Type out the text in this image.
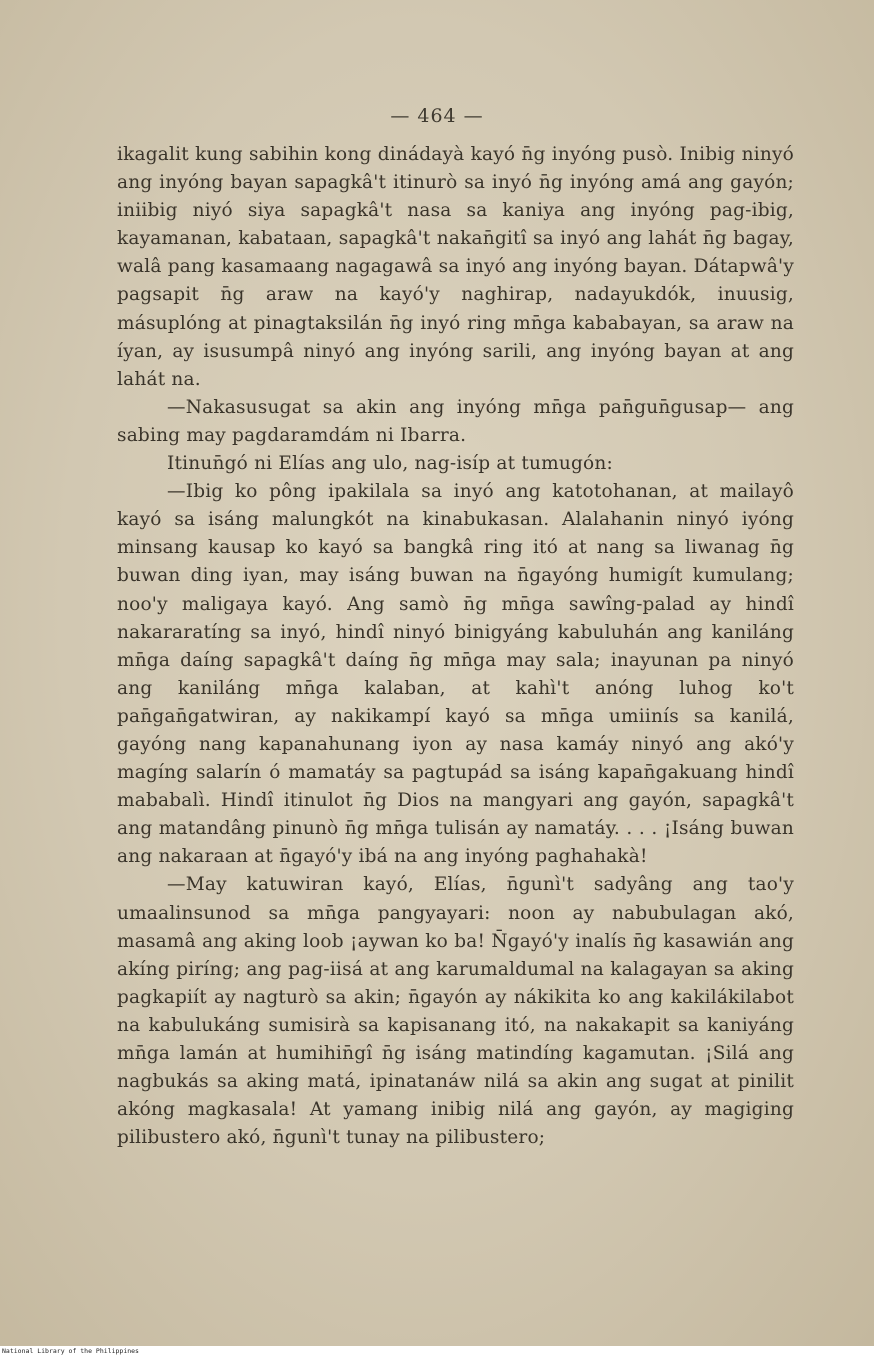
— 464 —

ikagalit kung sabihin kong dinádayà kayó n̄g inyóng pusò. Inibig ninyó ang inyóng bayan sapagkâ't itinurò sa inyó n̄g inyóng amá ang gayón; iniibig niyó siya sapagkâ't nasa sa kaniya ang inyóng pag-ibig, kayamanan, kabataan, sapagkâ't nakan̄gitî sa inyó ang lahát n̄g bagay, walâ pang kasamaang nagagawâ sa inyó ang inyóng bayan. Dátapwâ'y pagsapit n̄g araw na kayó'y naghirap, nadayukdók, inuusig, másuplóng at pinagtaksilán n̄g inyó ring mn̄ga kababayan, sa araw na íyan, ay isusumpâ ninyó ang inyóng sarili, ang inyóng bayan at ang lahát na.

—Nakasusugat sa akin ang inyóng mn̄ga pan̄gun̄gusap— ang sabing may pagdaramdám ni Ibarra.

Itinun̄gó ni Elías ang ulo, nag-isíp at tumugón:

—Ibig ko pông ipakilala sa inyó ang katotohanan, at mailayô kayó sa isáng malungkót na kinabukasan. Alalahanin ninyó iyóng minsang kausap ko kayó sa bangkâ ring itó at nang sa liwanag n̄g buwan ding iyan, may isáng buwan na n̄gayóng humigít kumulang; noo'y maligaya kayó. Ang samò n̄g mn̄ga sawîng-palad ay hindî nakararatíng sa inyó, hindî ninyó binigyáng kabuluhán ang kaniláng mn̄ga daíng sapagkâ't daíng n̄g mn̄ga may sala; inayunan pa ninyó ang kaniláng mn̄ga kalaban, at kahì't anóng luhog ko't pan̄gan̄gatwiran, ay nakikampí kayó sa mn̄ga umiinís sa kanilá, gayóng nang kapanahunang iyon ay nasa kamáy ninyó ang akó'y magíng salarín ó mamatáy sa pagtupád sa isáng kapan̄gakuang hindî mababalì. Hindî itinulot n̄g Dios na mangyari ang gayón, sapagkâ't ang matandâng pinunò n̄g mn̄ga tulisán ay namatáy. . . . ¡Isáng buwan ang nakaraan at n̄gayó'y ibá na ang inyóng paghahakà!

—May katuwiran kayó, Elías, n̄gunì't sadyâng ang tao'y umaalinsunod sa mn̄ga pangyayari: noon ay nabubulagan akó, masamâ ang aking loob ¡aywan ko ba! N̄gayó'y inalís n̄g kasawián ang akíng piríng; ang pag-iisá at ang karumaldumal na kalagayan sa aking pagkapiít ay nagturò sa akin; n̄gayón ay nákikita ko ang kakilákilabot na kabulukáng sumisirà sa kapisanang itó, na nakakapit sa kaniyáng mn̄ga lamán at humihin̄gî n̄g isáng matindíng kagamutan. ¡Silá ang nagbukás sa aking matá, ipinatanáw nilá sa akin ang sugat at pinilit akóng magkasala! At yamang inibig nilá ang gayón, ay magiging pilibustero akó, n̄gunì't tunay na pilibustero;

National Library of the Philippines
